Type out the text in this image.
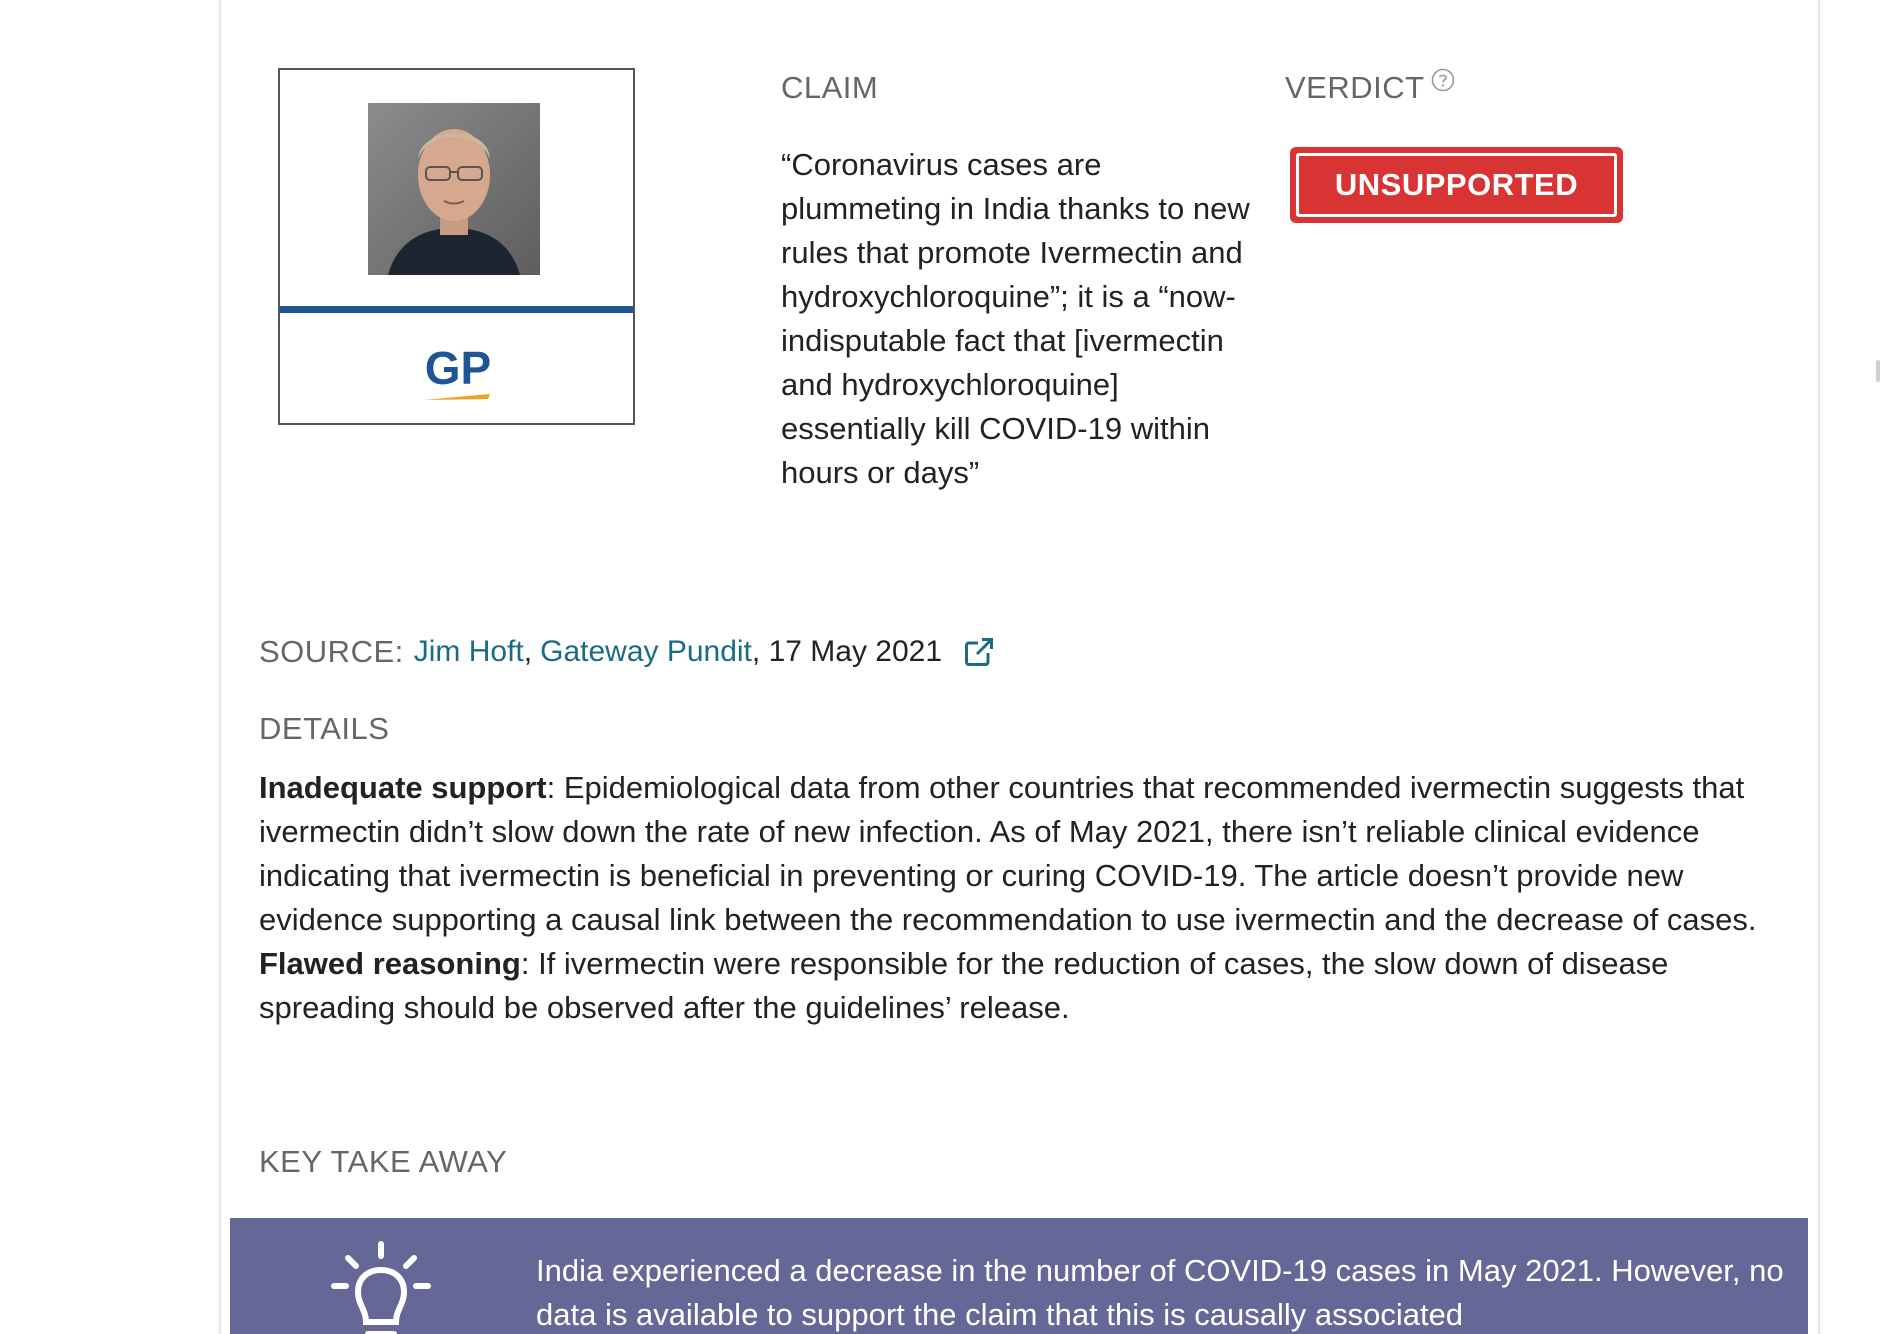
GP
CLAIM
“Coronavirus cases are plummeting in India thanks to new rules that promote Ivermectin and hydroxychloroquine”; it is a “now-indisputable fact that [ivermectin and hydroxychloroquine] essentially kill COVID-19 within hours or days”
VERDICT
UNSUPPORTED
SOURCE: Jim Hoft , Gateway Pundit , 17 May 2021
DETAILS
Inadequate support: Epidemiological data from other countries that recommended ivermectin suggests that ivermectin didn’t slow down the rate of new infection. As of May 2021, there isn’t reliable clinical evidence indicating that ivermectin is beneficial in preventing or curing COVID-19. The article doesn’t provide new evidence supporting a causal link between the recommendation to use ivermectin and the decrease of cases.
Flawed reasoning: If ivermectin were responsible for the reduction of cases, the slow down of disease spreading should be observed after the guidelines’ release.
KEY TAKE AWAY
India experienced a decrease in the number of COVID-19 cases in May 2021. However, no data is available to support the claim that this is causally associated
